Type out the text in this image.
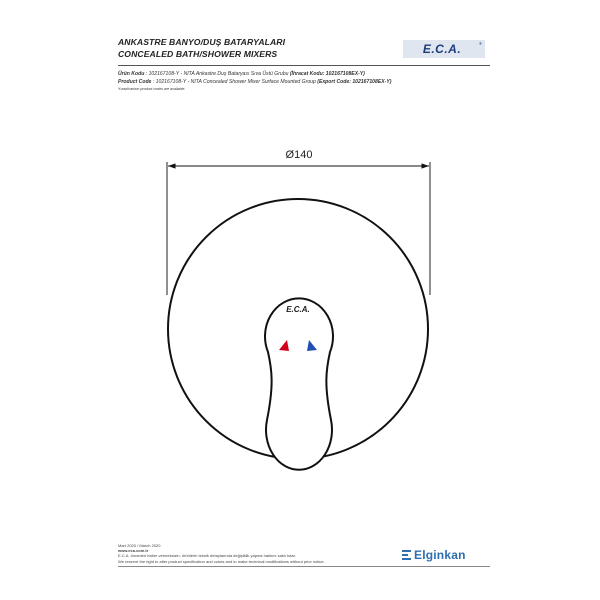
ANKASTRE BANYO/DUŞ BATARYALARI
CONCEALED BATH/SHOWER MIXERS	E.C.A.	®
Ürün Kodu : 102167108-Y - NITA Ankastre Duş Bataryası Sıva Üstü Grubu (İhracat Kodu: 102167108EX-Y)
Product Code : 102167108-Y - NITA Concealed Shower Mixer Surface Mounted Group (Export Code: 102167108EX-Y)
*Lead/carbon product codes are available.
Ø140
E.C.A.
Mart 2020 / March 2020
www.eca.com.tr
E.C.A. önceden haber vermeksizin, ürünlerin teknik detaylarında değişiklik yapma hakkını saklı tutar.
We reserve the right to alter product specification and colors and to make technical modifications without prior notice.	Elginkan
